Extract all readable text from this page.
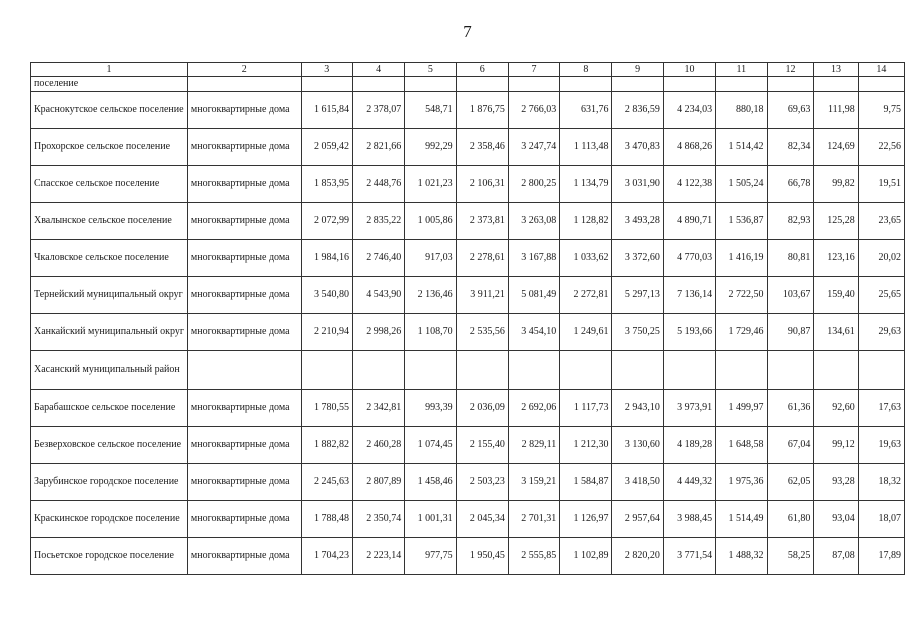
7
1	2	3	4	5	6	7	8	9	10	11	12	13	14
поселение													
Краснокутское сельское поселение	многоквартирные дома	1 615,84	2 378,07	548,71	1 876,75	2 766,03	631,76	2 836,59	4 234,03	880,18	69,63	111,98	9,75
Прохорское сельское поселение	многоквартирные дома	2 059,42	2 821,66	992,29	2 358,46	3 247,74	1 113,48	3 470,83	4 868,26	1 514,42	82,34	124,69	22,56
Спасское сельское поселение	многоквартирные дома	1 853,95	2 448,76	1 021,23	2 106,31	2 800,25	1 134,79	3 031,90	4 122,38	1 505,24	66,78	99,82	19,51
Хвалынское сельское поселение	многоквартирные дома	2 072,99	2 835,22	1 005,86	2 373,81	3 263,08	1 128,82	3 493,28	4 890,71	1 536,87	82,93	125,28	23,65
Чкаловское сельское поселение	многоквартирные дома	1 984,16	2 746,40	917,03	2 278,61	3 167,88	1 033,62	3 372,60	4 770,03	1 416,19	80,81	123,16	20,02
Тернейский муниципальный округ	многоквартирные дома	3 540,80	4 543,90	2 136,46	3 911,21	5 081,49	2 272,81	5 297,13	7 136,14	2 722,50	103,67	159,40	25,65
Ханкайский муниципальный округ	многоквартирные дома	2 210,94	2 998,26	1 108,70	2 535,56	3 454,10	1 249,61	3 750,25	5 193,66	1 729,46	90,87	134,61	29,63
Хасанский муниципальный район													
Барабашское сельское поселение	многоквартирные дома	1 780,55	2 342,81	993,39	2 036,09	2 692,06	1 117,73	2 943,10	3 973,91	1 499,97	61,36	92,60	17,63
Безверховское сельское поселение	многоквартирные дома	1 882,82	2 460,28	1 074,45	2 155,40	2 829,11	1 212,30	3 130,60	4 189,28	1 648,58	67,04	99,12	19,63
Зарубинское городское поселение	многоквартирные дома	2 245,63	2 807,89	1 458,46	2 503,23	3 159,21	1 584,87	3 418,50	4 449,32	1 975,36	62,05	93,28	18,32
Краскинское городское поселение	многоквартирные дома	1 788,48	2 350,74	1 001,31	2 045,34	2 701,31	1 126,97	2 957,64	3 988,45	1 514,49	61,80	93,04	18,07
Посьетское городское поселение	многоквартирные дома	1 704,23	2 223,14	977,75	1 950,45	2 555,85	1 102,89	2 820,20	3 771,54	1 488,32	58,25	87,08	17,89
